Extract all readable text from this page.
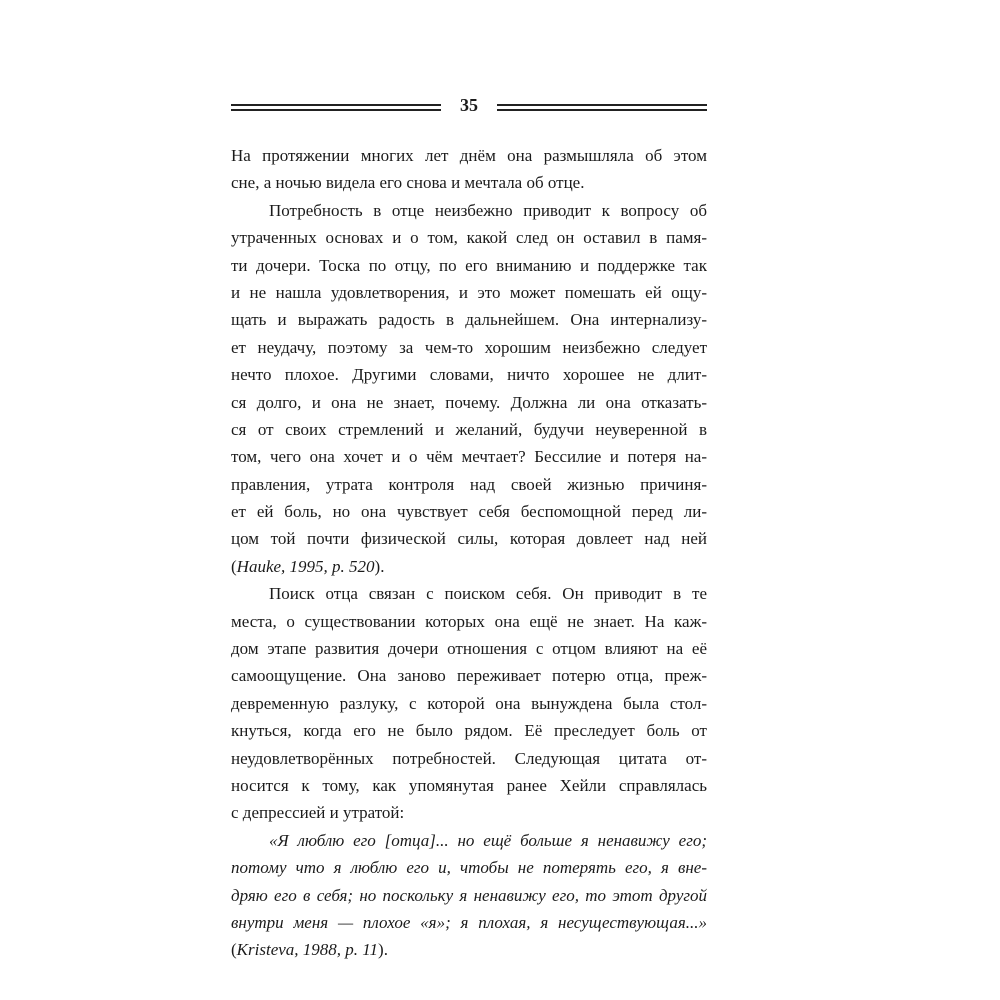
35
На протяжении многих лет днём она размышляла об этом
сне, а ночью видела его снова и мечтала об отце.
Потребность в отце неизбежно приводит к вопросу об
утраченных основах и о том, какой след он оставил в памя-
ти дочери. Тоска по отцу, по его вниманию и поддержке так
и не нашла удовлетворения, и это может помешать ей ощу-
щать и выражать радость в дальнейшем. Она интернализу-
ет неудачу, поэтому за чем-то хорошим неизбежно следует
нечто плохое. Другими словами, ничто хорошее не длит-
ся долго, и она не знает, почему. Должна ли она отказать-
ся от своих стремлений и желаний, будучи неуверенной в
том, чего она хочет и о чём мечтает? Бессилие и потеря на-
правления, утрата контроля над своей жизнью причиня-
ет ей боль, но она чувствует себя беспомощной перед ли-
цом той почти физической силы, которая довлеет над ней
(Hauke, 1995, p. 520).
Поиск отца связан с поиском себя. Он приводит в те
места, о существовании которых она ещё не знает. На каж-
дом этапе развития дочери отношения с отцом влияют на её
самоощущение. Она заново переживает потерю отца, преж-
девременную разлуку, с которой она вынуждена была стол-
кнуться, когда его не было рядом. Её преследует боль от
неудовлетворённых потребностей. Следующая цитата от-
носится к тому, как упомянутая ранее Хейли справлялась
с депрессией и утратой:
«Я люблю его [отца]... но ещё больше я ненавижу его;
потому что я люблю его и, чтобы не потерять его, я вне-
дряю его в себя; но поскольку я ненавижу его, то этот другой
внутри меня — плохое «я»; я плохая, я несуществующая...»
(Kristeva, 1988, p. 11).
